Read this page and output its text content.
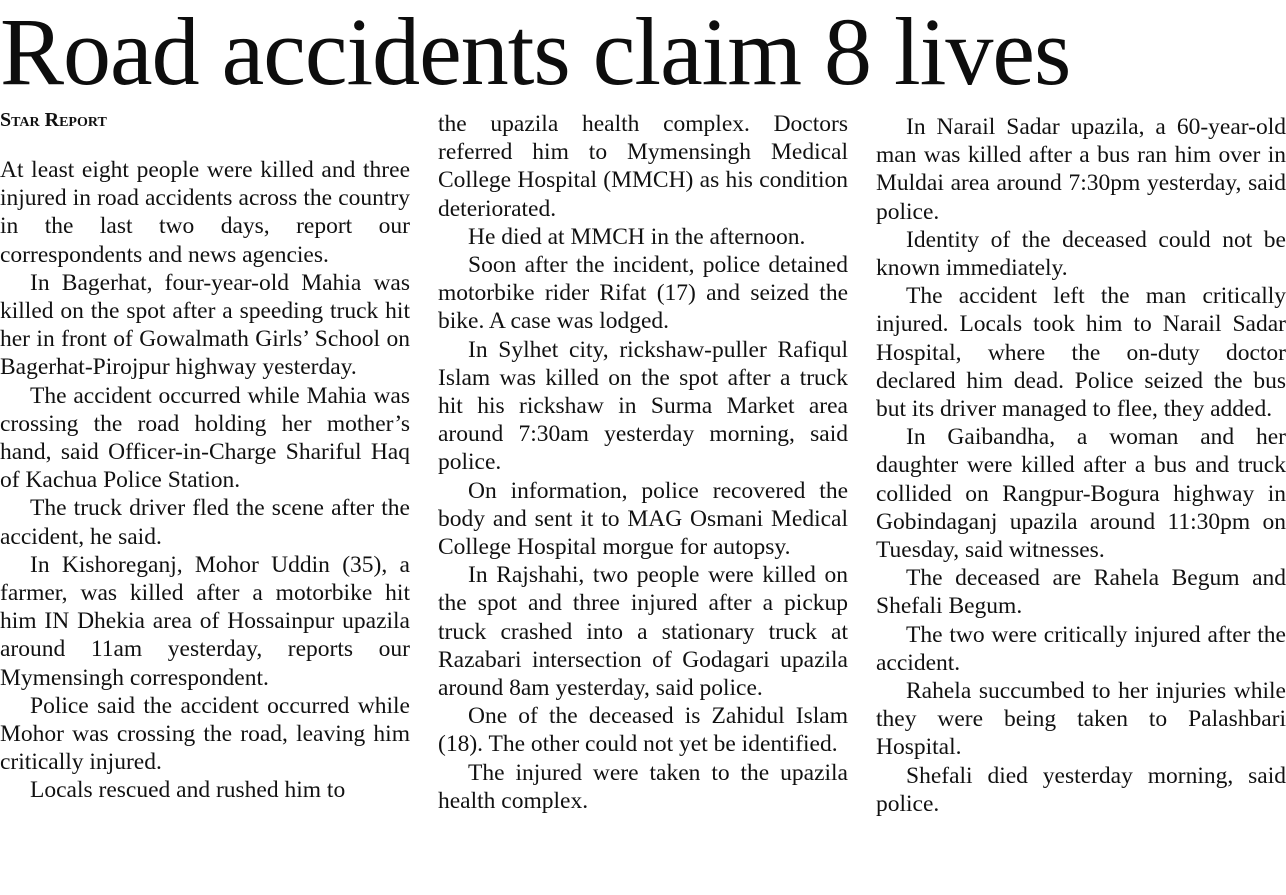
Road accidents claim 8 lives
Star Report

At least eight people were killed and three injured in road accidents across the country in the last two days, report our correspondents and news agencies.

In Bagerhat, four-year-old Mahia was killed on the spot after a speeding truck hit her in front of Gowalmath Girls’ School on Bagerhat-Pirojpur highway yesterday.

The accident occurred while Mahia was crossing the road holding her mother’s hand, said Officer-in-Charge Shariful Haq of Kachua Police Station.

The truck driver fled the scene after the accident, he said.

In Kishoreganj, Mohor Uddin (35), a farmer, was killed after a motorbike hit him IN Dhekia area of Hossainpur upazila around 11am yesterday, reports our Mymensingh correspondent.

Police said the accident occurred while Mohor was crossing the road, leaving him critically injured.

Locals rescued and rushed him to

the upazila health complex. Doctors referred him to Mymensingh Medical College Hospital (MMCH) as his condition deteriorated.

He died at MMCH in the afternoon.

Soon after the incident, police detained motorbike rider Rifat (17) and seized the bike. A case was lodged.

In Sylhet city, rickshaw-puller Rafiqul Islam was killed on the spot after a truck hit his rickshaw in Surma Market area around 7:30am yesterday morning, said police.

On information, police recovered the body and sent it to MAG Osmani Medical College Hospital morgue for autopsy.

In Rajshahi, two people were killed on the spot and three injured after a pickup truck crashed into a stationary truck at Razabari intersection of Godagari upazila around 8am yesterday, said police.

One of the deceased is Zahidul Islam (18). The other could not yet be identified.

The injured were taken to the upazila health complex.

In Narail Sadar upazila, a 60-year-old man was killed after a bus ran him over in Muldai area around 7:30pm yesterday, said police.

Identity of the deceased could not be known immediately.

The accident left the man critically injured. Locals took him to Narail Sadar Hospital, where the on-duty doctor declared him dead. Police seized the bus but its driver managed to flee, they added.

In Gaibandha, a woman and her daughter were killed after a bus and truck collided on Rangpur-Bogura highway in Gobindaganj upazila around 11:30pm on Tuesday, said witnesses.

The deceased are Rahela Begum and Shefali Begum.

The two were critically injured after the accident.

Rahela succumbed to her injuries while they were being taken to Palashbari Hospital.

Shefali died yesterday morning, said police.
